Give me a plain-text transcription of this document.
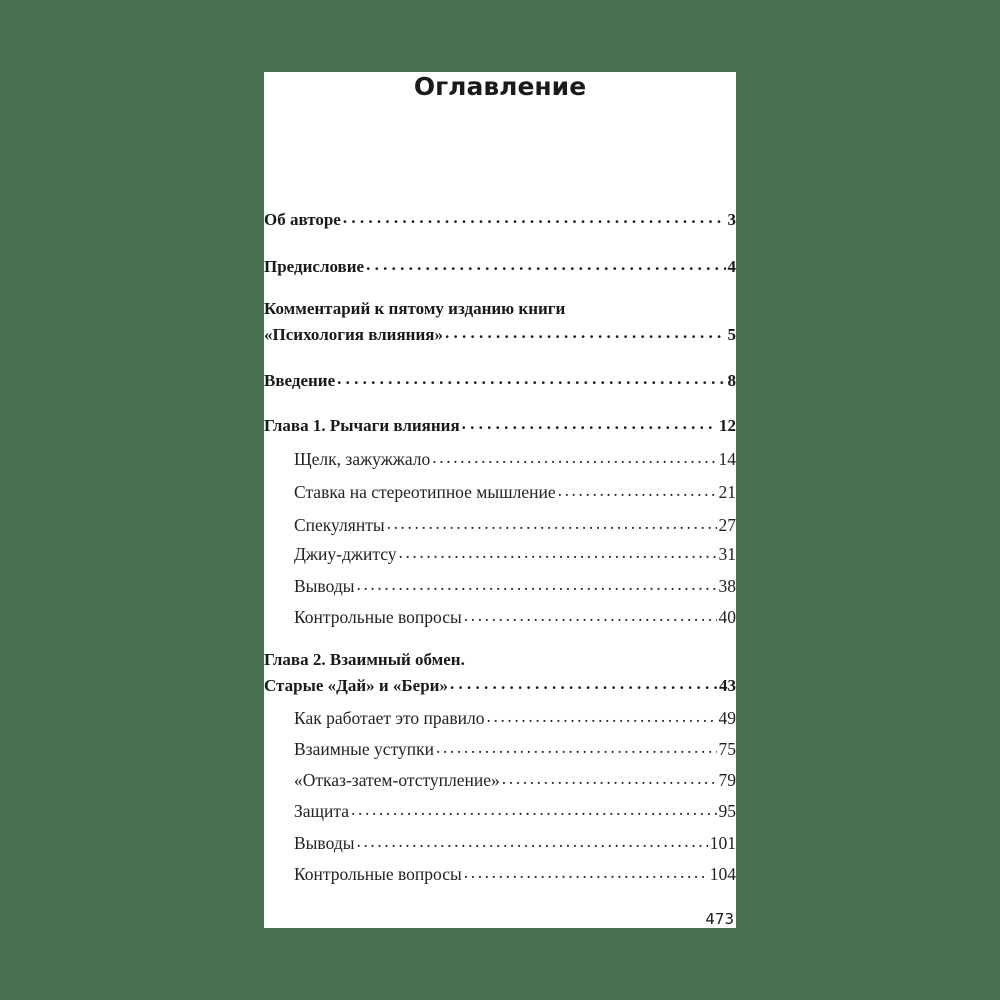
Оглавление
Об авторе . . .	3
Предисловие . . .	4
Комментарий к пятому изданию книги
«Психология влияния» . . .	5
Введение . . .	8
Глава 1. Рычаги влияния . . .	12
Щелк, зажужжало .....	14
Ставка на стереотипное мышление .....	21
Спекулянты .....	27
Джиу-джитсу .....	31
Выводы .....	38
Контрольные вопросы .....	40
Глава 2. Взаимный обмен.
Старые «Дай» и «Бери» . . .	43
Как работает это правило .....	49
Взаимные уступки .....	75
«Отказ-затем-отступление» .....	79
Защита .....	95
Выводы .....	101
Контрольные вопросы .....	104
473
